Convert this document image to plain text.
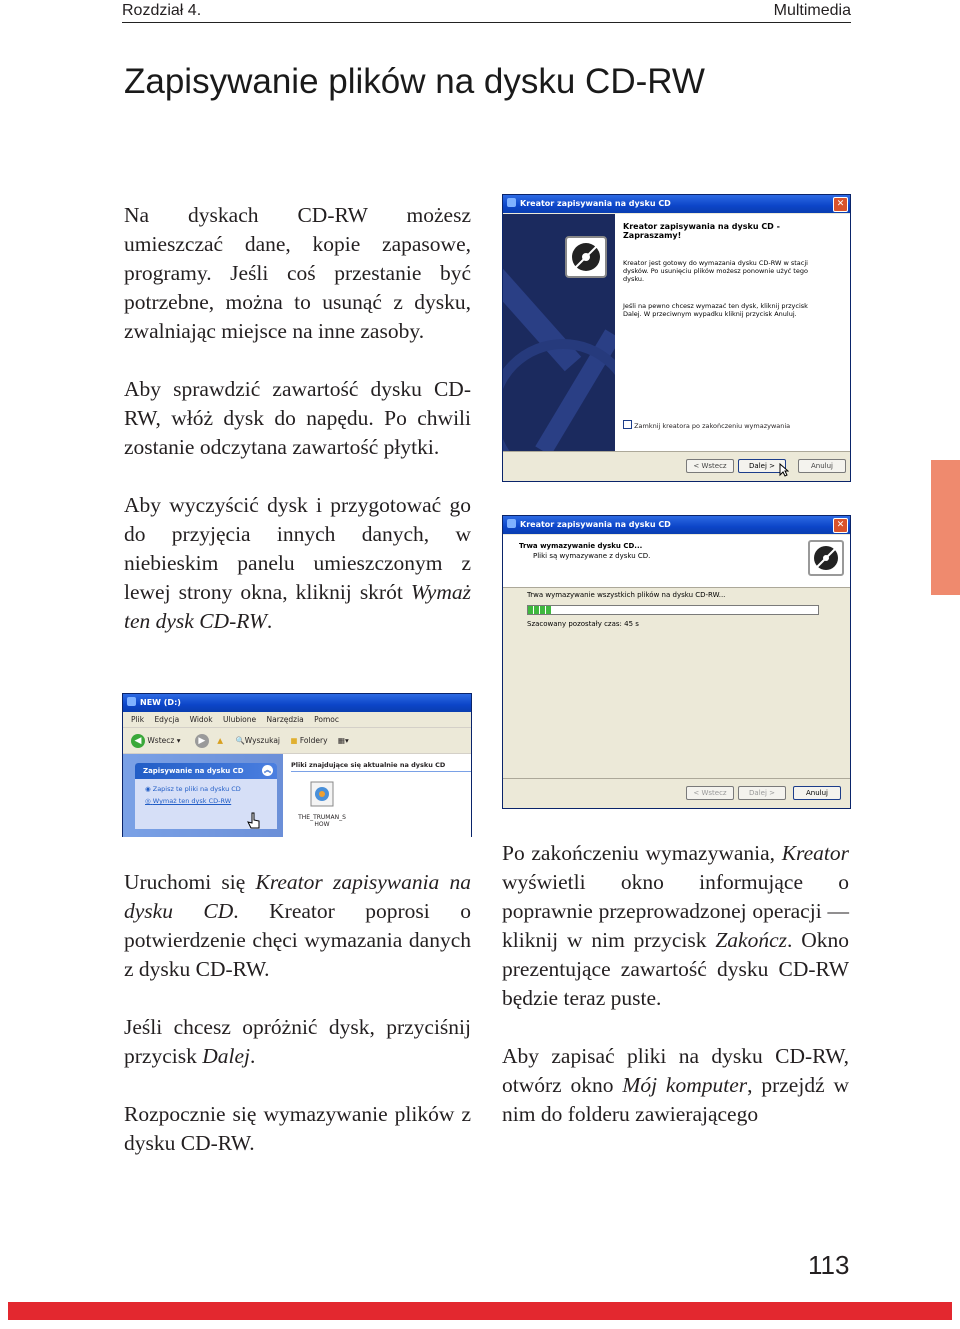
Rozdział 4.	Multimedia
Zapisywanie plików na dysku CD-RW

Na dyskach CD-RW możesz umieszczać dane, kopie zapasowe, programy. Jeśli coś przestanie być potrzebne, można to usunąć z dysku, zwalniając miejsce na inne zasoby.

Aby sprawdzić zawartość dysku CD-RW, włóż dysk do napędu. Po chwili zostanie odczytana zawartość płytki.

Aby wyczyścić dysk i przygotować go do przyjęcia innych danych, w niebieskim panelu umieszczonym z lewej strony okna, kliknij skrót Wymaż ten dysk CD-RW.

Kreator zapisywania na dysku CD	✕
Kreator zapisywania na dysku CD - Zapraszamy!
Kreator jest gotowy do wymazania dysku CD-RW w stacji dysków. Po usunięciu plików możesz ponownie użyć tego dysku.
Jeśli na pewno chcesz wymazać ten dysk, kliknij przycisk Dalej. W przeciwnym wypadku kliknij przycisk Anuluj.
Zamknij kreatora po zakończeniu wymazywania
< Wstecz	Dalej >	Anuluj
Kreator zapisywania na dysku CD	✕
Trwa wymazywanie dysku CD...
Pliki są wymazywane z dysku CD.
Trwa wymazywanie wszystkich plików na dysku CD-RW...
Szacowany pozostały czas: 45 s
< Wstecz	Dalej >	Anuluj
NEW (D:)
Plik Edycja Widok Ulubione Narzędzia Pomoc
◀ Wstecz ▾ ▶ ▲ 🔍Wyszukaj ■ Foldery ▦▾
Zapisywanie na dysku CD	︽
◉ Zapisz te pliki na dysku CD
◎ Wymaż ten dysk CD-RW
Pliki znajdujące się aktualnie na dysku CD
THE_TRUMAN_SHOW

Uruchomi się Kreator zapisywania na dysku CD. Kreator poprosi o potwierdzenie chęci wymazania danych z dysku CD-RW.

Jeśli chcesz opróżnić dysk, przyciśnij przycisk Dalej.

Rozpocznie się wymazywanie plików z dysku CD-RW.

Po zakończeniu wymazywania, Kreator wyświetli okno informujące o poprawnie przeprowadzonej operacji — kliknij w nim przycisk Zakończ. Okno prezentujące zawartość dysku CD-RW będzie teraz puste.

Aby zapisać pliki na dysku CD-RW, otwórz okno Mój komputer, przejdź w nim do folderu zawierającego

113
